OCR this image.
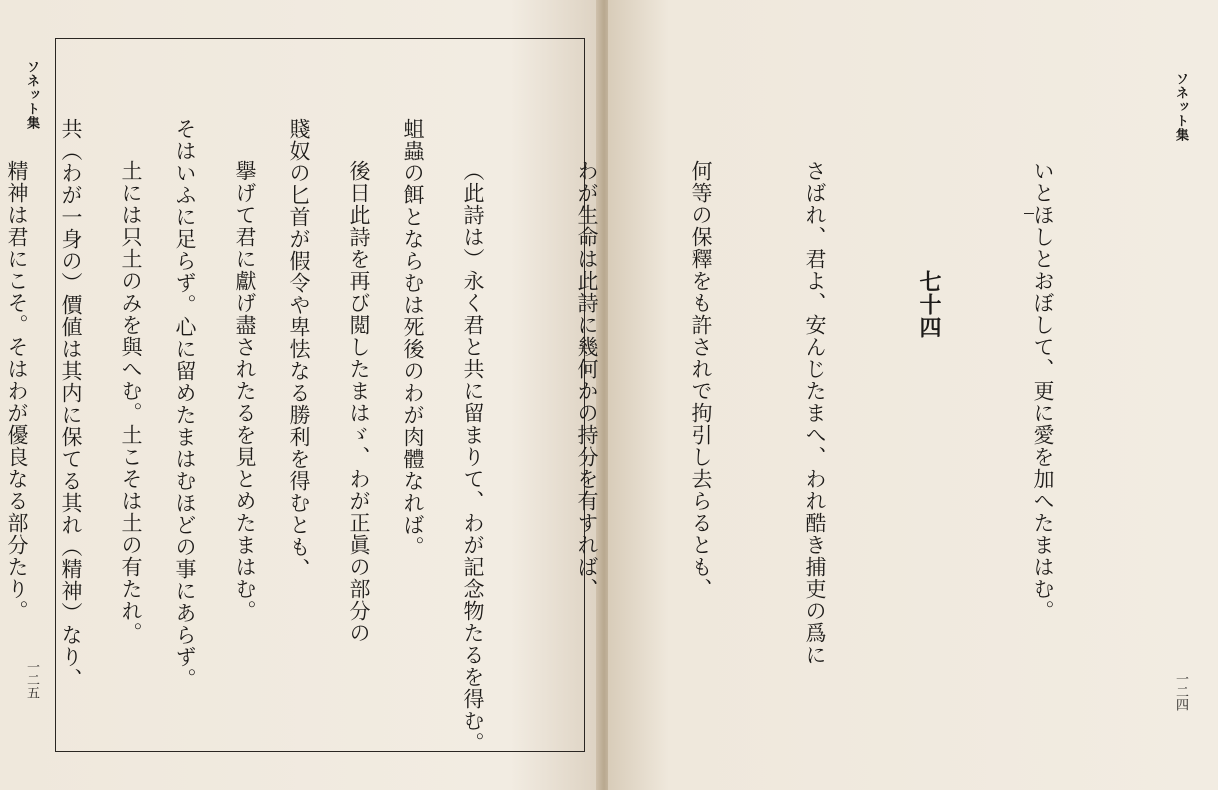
ソネット集
一二五

蛆蟲の餌とならむは死後のわが肉體なれば。

賤奴の匕首が假令や卑怯なる勝利を得むとも、

そはいふに足らず。心に留めたまはむほどの事にあらず。

共（わが一身の）價値は其内に保てる其れ（精神）なり、

ソネット集
一二四

いとほしとおぼして、更に愛を加へたまはむ。

七十四

さばれ、君よ、安んじたまへ、われ酷き捕吏の爲に

何等の保釋をも許されで拘引し去らるとも、

わが生命は此詩に幾何かの持分を有すれば、

（此詩は）永く君と共に留まりて、わが記念物たるを得む。

後日此詩を再び閲したまはゞ、わが正眞の部分の

擧げて君に獻げ盡されたるを見とめたまはむ。

土には只土のみを與へむ。土こそは土の有たれ。

精神は君にこそ。そはわが優良なる部分たり。
